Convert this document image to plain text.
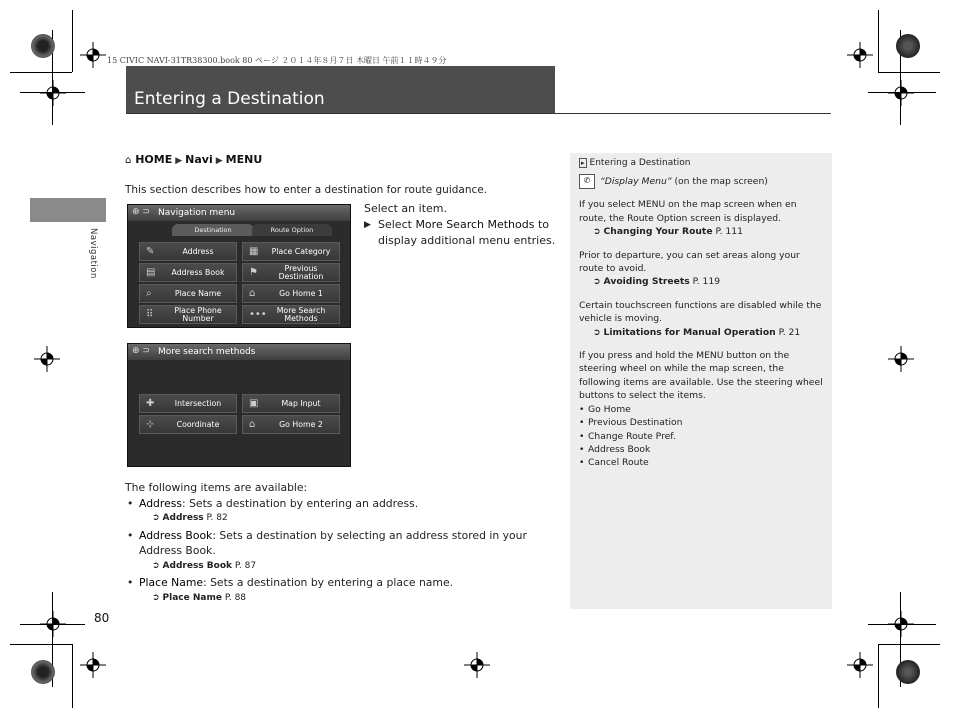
15 CIVIC NAVI-31TR38300.book 80 ページ ２０１４年８月７日 木曜日 午前１１時４９分
Entering a Destination
Navigation
⌂ HOME ▶ Navi ▶ MENU
This section describes how to enter a destination for route guidance.
⊕ ⊃ Navigation menu
Destination	Route Option
✎	Address	▦	Place Category
▤	Address Book	⚑	Previous Destination
⌕	Place Name	⌂	Go Home 1
⠿	Place Phone Number	•••	More Search Methods
⊕ ⊃ More search methods
✚	Intersection	▣	Map Input
⊹	Coordinate	⌂	Go Home 2
Select an item.
▶ Select More Search Methods to display additional menu entries.
The following items are available:
• Address: Sets a destination by entering an address.
➲ Address P. 82
• Address Book: Sets a destination by selecting an address stored in your Address Book.
➲ Address Book P. 87
• Place Name: Sets a destination by entering a place name.
➲ Place Name P. 88
80
▸ Entering a Destination
✆ “Display Menu” (on the map screen)
If you select MENU on the map screen when en route, the Route Option screen is displayed.
➲ Changing Your Route P. 111
Prior to departure, you can set areas along your route to avoid.
➲ Avoiding Streets P. 119
Certain touchscreen functions are disabled while the vehicle is moving.
➲ Limitations for Manual Operation P. 21
If you press and hold the MENU button on the steering wheel on while the map screen, the following items are available. Use the steering wheel buttons to select the items.
• Go Home
• Previous Destination
• Change Route Pref.
• Address Book
• Cancel Route
